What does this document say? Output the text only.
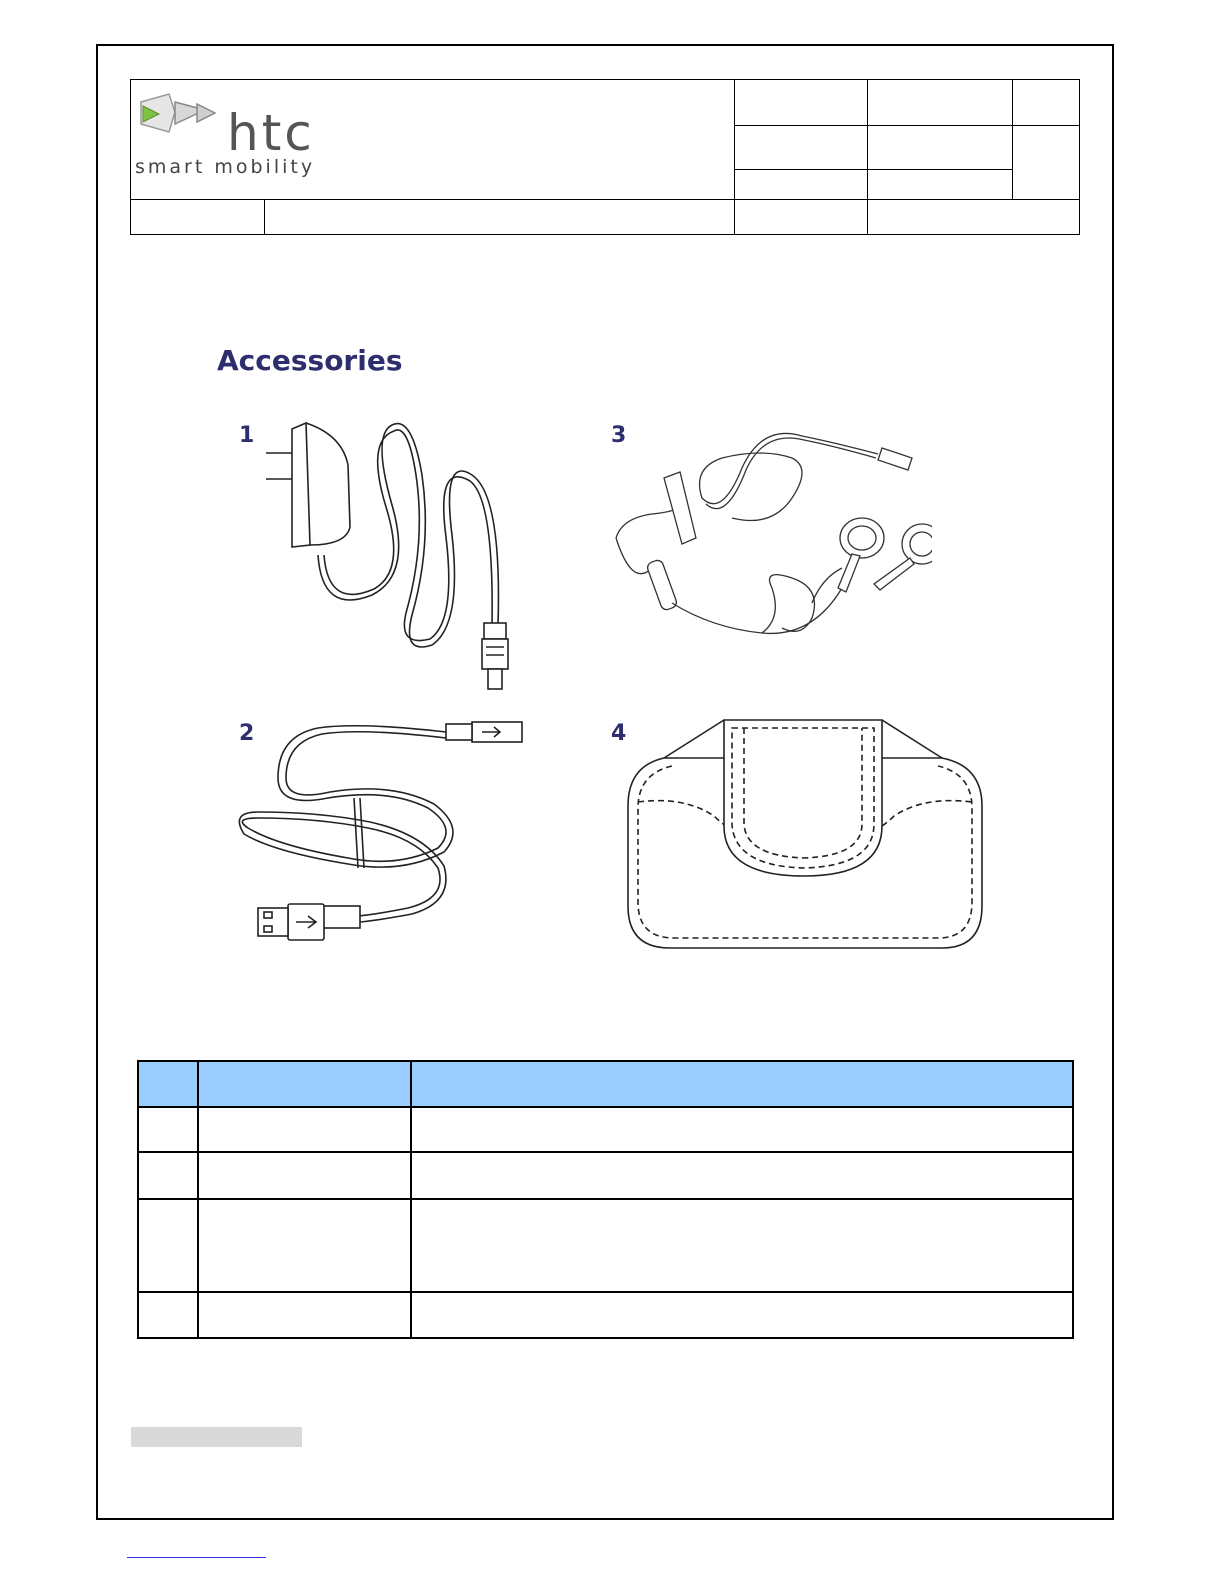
htc
smart mobility
Accessories
1	3
2	4
